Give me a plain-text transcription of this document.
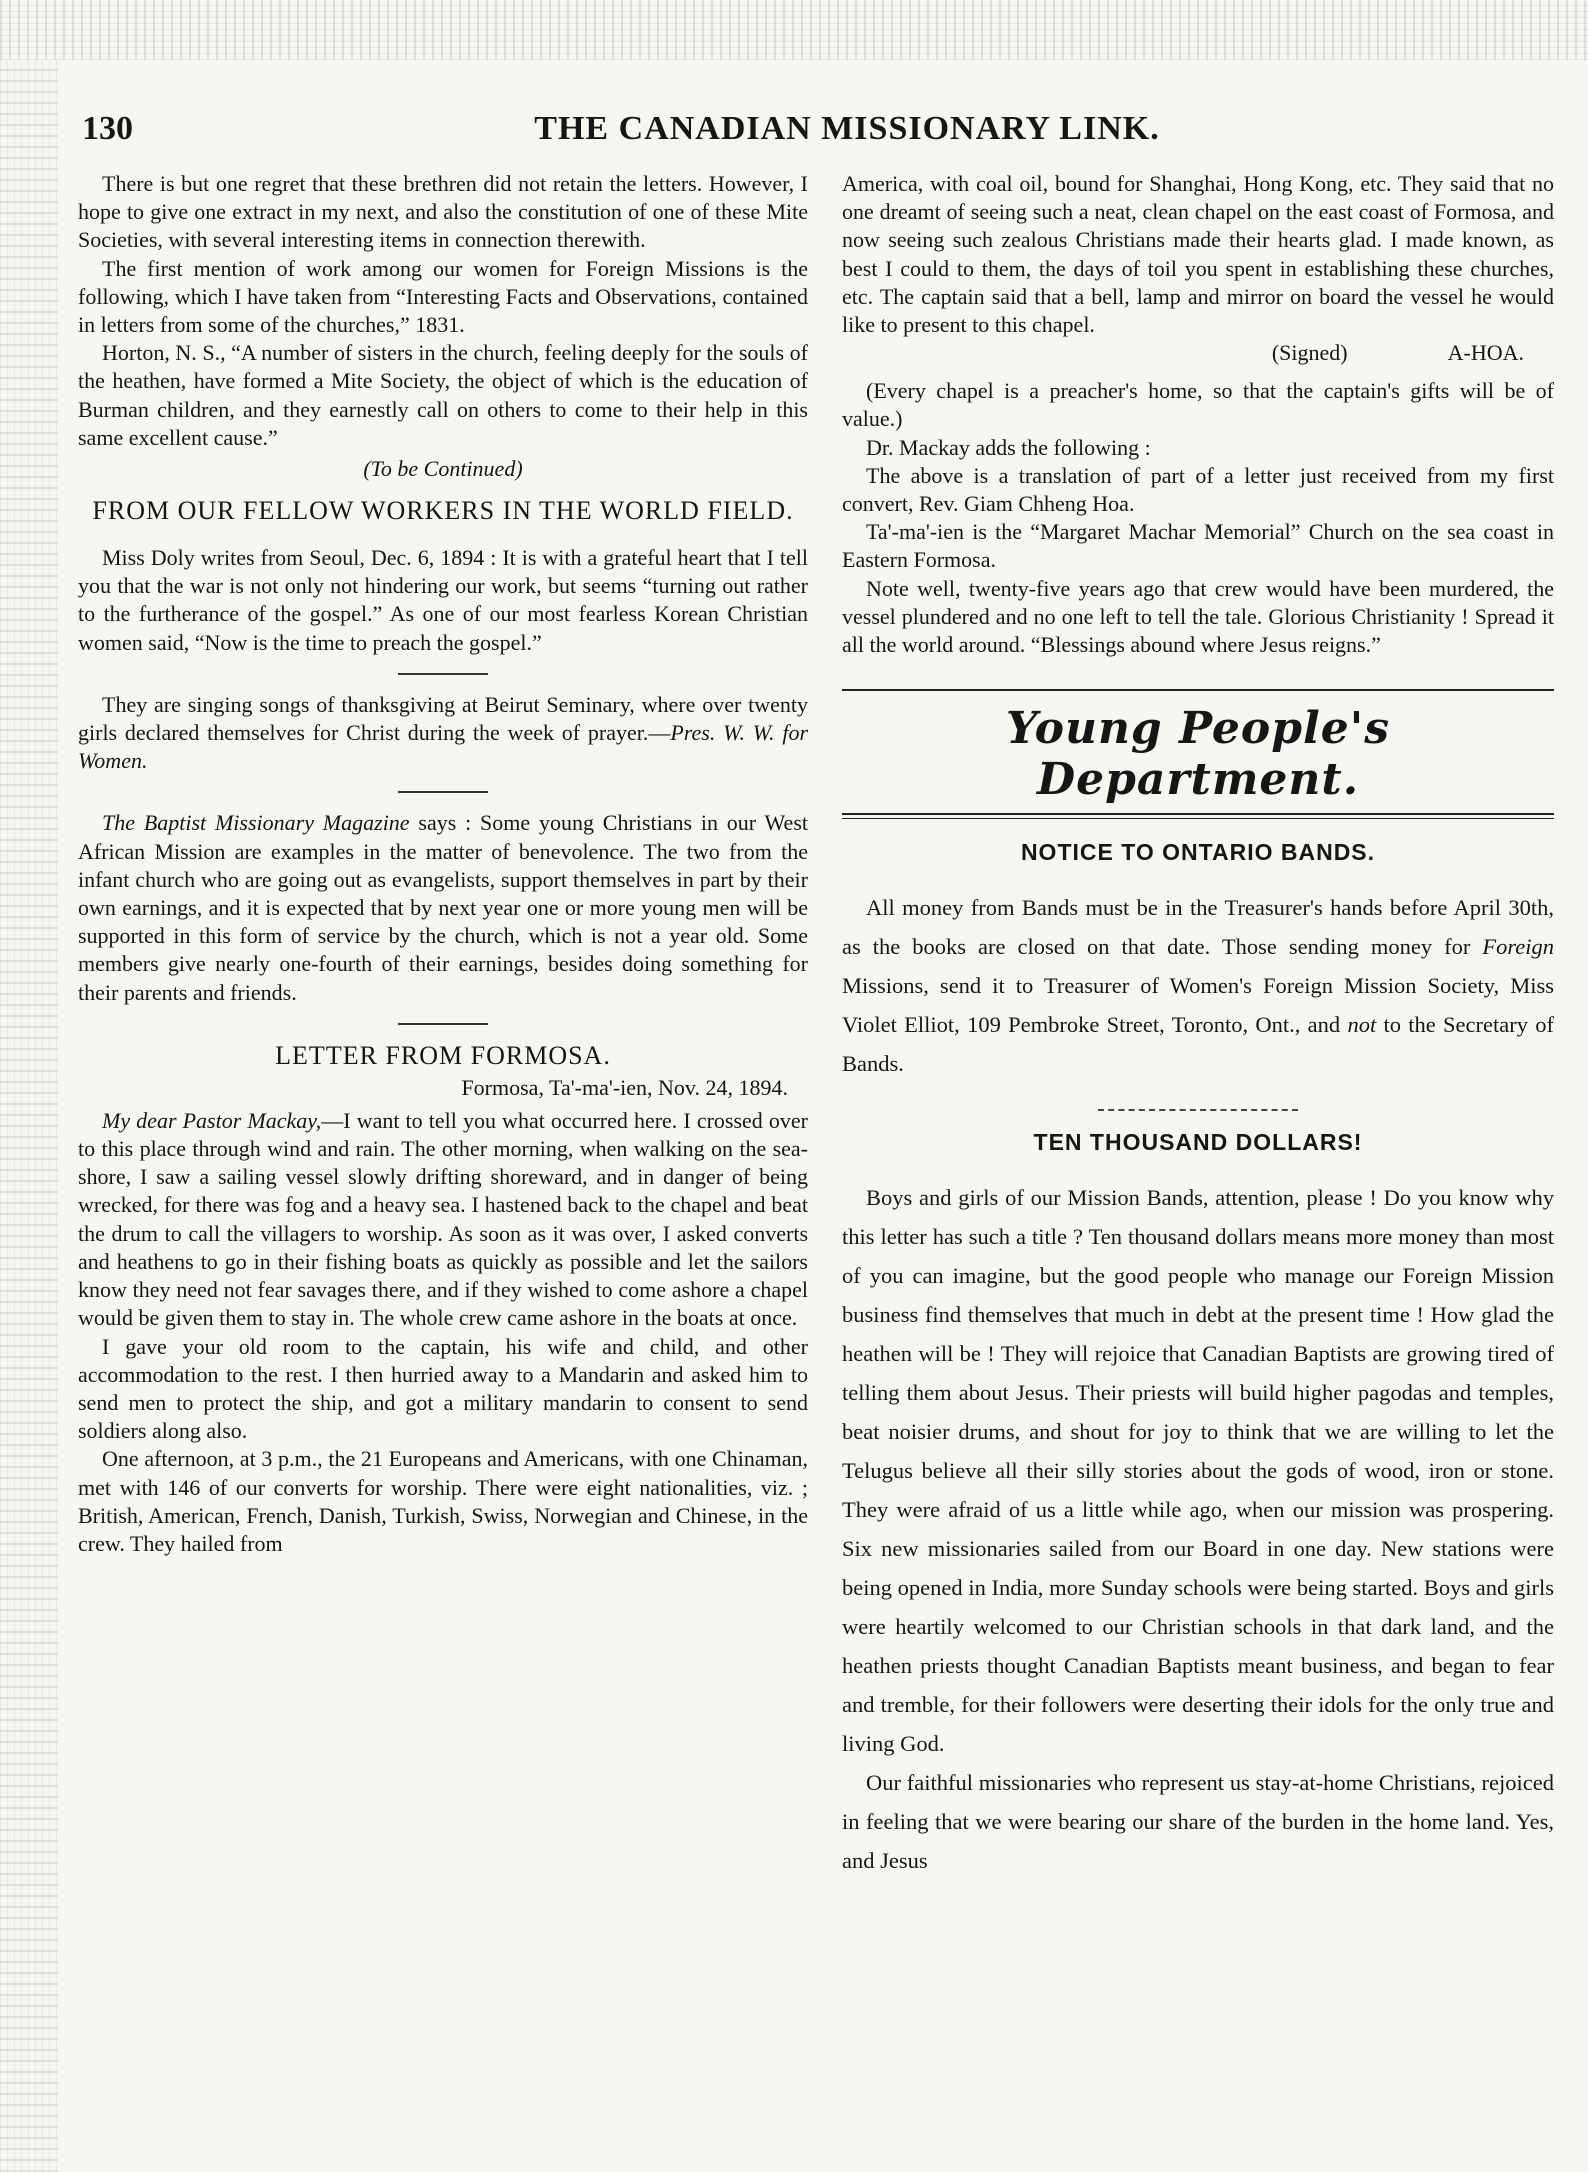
130	THE CANADIAN MISSIONARY LINK.

There is but one regret that these brethren did not retain the letters. However, I hope to give one extract in my next, and also the constitution of one of these Mite Societies, with several interesting items in connection therewith.

The first mention of work among our women for Foreign Missions is the following, which I have taken from “Interesting Facts and Observations, contained in letters from some of the churches,” 1831.

Horton, N. S., “A number of sisters in the church, feeling deeply for the souls of the heathen, have formed a Mite Society, the object of which is the education of Burman children, and they earnestly call on others to come to their help in this same excellent cause.”

(To be Continued)
FROM OUR FELLOW WORKERS IN THE WORLD FIELD.

Miss Doly writes from Seoul, Dec. 6, 1894 : It is with a grateful heart that I tell you that the war is not only not hindering our work, but seems “turning out rather to the furtherance of the gospel.” As one of our most fearless Korean Christian women said, “Now is the time to preach the gospel.”

They are singing songs of thanksgiving at Beirut Seminary, where over twenty girls declared themselves for Christ during the week of prayer.—Pres. W. W. for Women.

The Baptist Missionary Magazine says : Some young Christians in our West African Mission are examples in the matter of benevolence. The two from the infant church who are going out as evangelists, support themselves in part by their own earnings, and it is expected that by next year one or more young men will be supported in this form of service by the church, which is not a year old. Some members give nearly one-fourth of their earnings, besides doing something for their parents and friends.

LETTER FROM FORMOSA.
Formosa, Ta'-ma'-ien, Nov. 24, 1894.

My dear Pastor Mackay,—I want to tell you what occurred here. I crossed over to this place through wind and rain. The other morning, when walking on the sea-shore, I saw a sailing vessel slowly drifting shoreward, and in danger of being wrecked, for there was fog and a heavy sea. I hastened back to the chapel and beat the drum to call the villagers to worship. As soon as it was over, I asked converts and heathens to go in their fishing boats as quickly as possible and let the sailors know they need not fear savages there, and if they wished to come ashore a chapel would be given them to stay in. The whole crew came ashore in the boats at once.

I gave your old room to the captain, his wife and child, and other accommodation to the rest. I then hurried away to a Mandarin and asked him to send men to protect the ship, and got a military mandarin to consent to send soldiers along also.

One afternoon, at 3 p.m., the 21 Europeans and Americans, with one Chinaman, met with 146 of our converts for worship. There were eight nationalities, viz. ; British, American, French, Danish, Turkish, Swiss, Norwegian and Chinese, in the crew. They hailed from

America, with coal oil, bound for Shanghai, Hong Kong, etc. They said that no one dreamt of seeing such a neat, clean chapel on the east coast of Formosa, and now seeing such zealous Christians made their hearts glad. I made known, as best I could to them, the days of toil you spent in establishing these churches, etc. The captain said that a bell, lamp and mirror on board the vessel he would like to present to this chapel.

(Signed)	A-HOA.

(Every chapel is a preacher's home, so that the captain's gifts will be of value.)

Dr. Mackay adds the following :

The above is a translation of part of a letter just received from my first convert, Rev. Giam Chheng Hoa.

Ta'-ma'-ien is the “Margaret Machar Memorial” Church on the sea coast in Eastern Formosa.

Note well, twenty-five years ago that crew would have been murdered, the vessel plundered and no one left to tell the tale. Glorious Christianity ! Spread it all the world around. “Blessings abound where Jesus reigns.”

Young People's Department.
NOTICE TO ONTARIO BANDS.

All money from Bands must be in the Treasurer's hands before April 30th, as the books are closed on that date. Those sending money for Foreign Missions, send it to Treasurer of Women's Foreign Mission Society, Miss Violet Elliot, 109 Pembroke Street, Toronto, Ont., and not to the Secretary of Bands.

TEN THOUSAND DOLLARS!

Boys and girls of our Mission Bands, attention, please ! Do you know why this letter has such a title ? Ten thousand dollars means more money than most of you can imagine, but the good people who manage our Foreign Mission business find themselves that much in debt at the present time ! How glad the heathen will be ! They will rejoice that Canadian Baptists are growing tired of telling them about Jesus. Their priests will build higher pagodas and temples, beat noisier drums, and shout for joy to think that we are willing to let the Telugus believe all their silly stories about the gods of wood, iron or stone. They were afraid of us a little while ago, when our mission was prospering. Six new missionaries sailed from our Board in one day. New stations were being opened in India, more Sunday schools were being started. Boys and girls were heartily welcomed to our Christian schools in that dark land, and the heathen priests thought Canadian Baptists meant business, and began to fear and tremble, for their followers were deserting their idols for the only true and living God.

Our faithful missionaries who represent us stay-at-home Christians, rejoiced in feeling that we were bearing our share of the burden in the home land. Yes, and Jesus
